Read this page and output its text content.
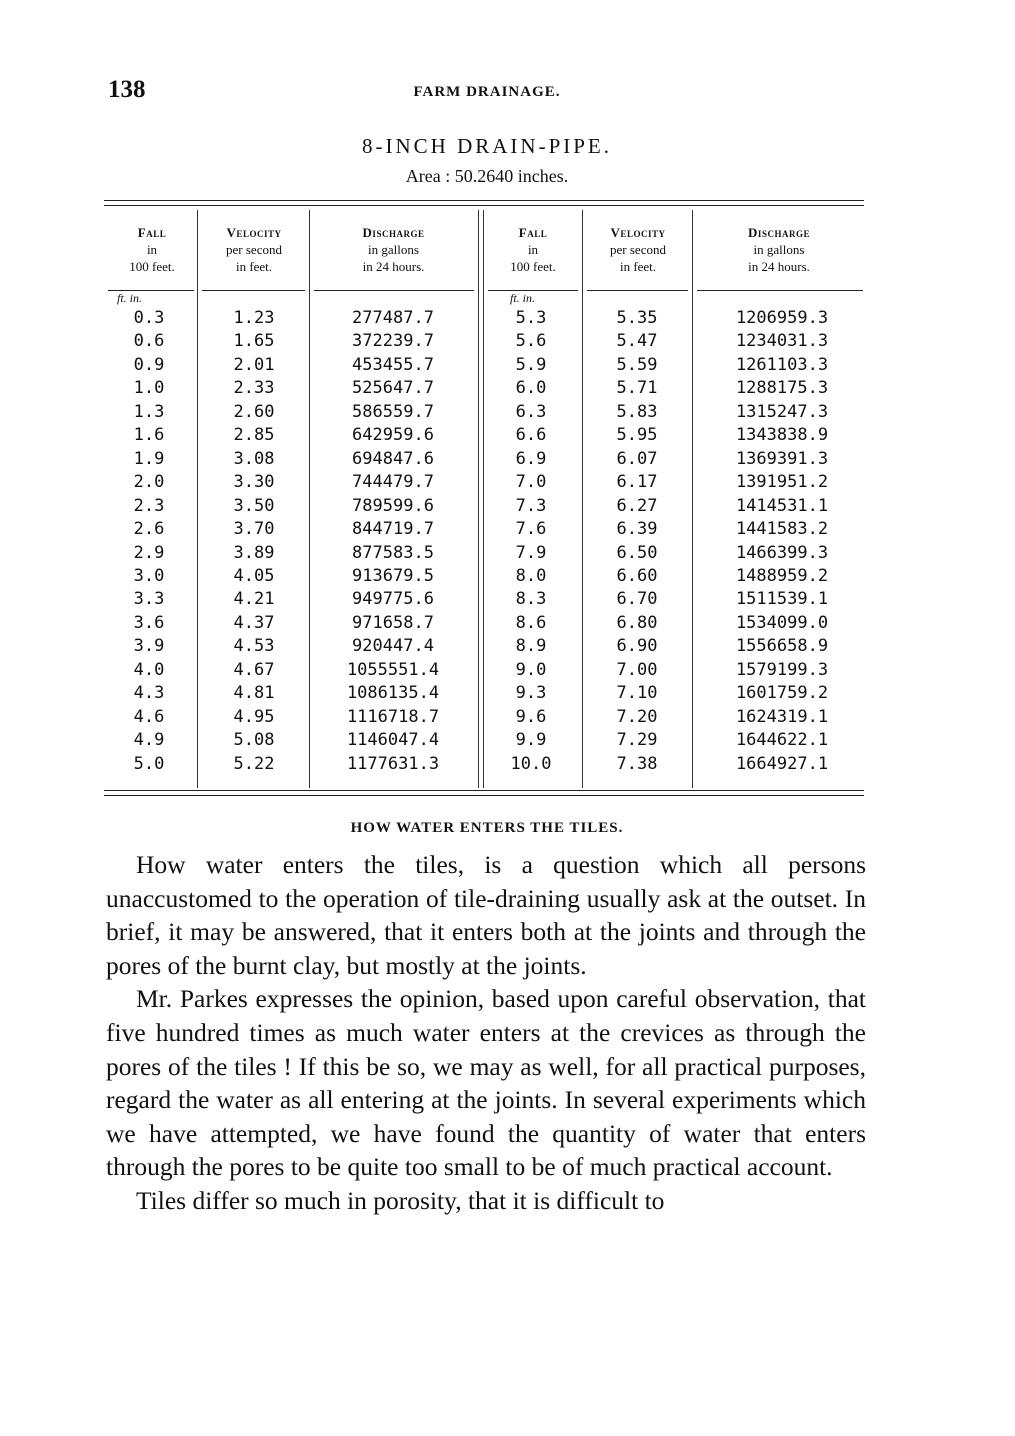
138	FARM DRAINAGE.
8-INCH DRAIN-PIPE.
Area : 50.2640 inches.
Fall
in
100 feet.
Velocity
per second
in feet.
Discharge
in gallons
in 24 hours.
Fall
in
100 feet.
Velocity
per second
in feet.
Discharge
in gallons
in 24 hours.
ft. in.	ft. in.
0.3
0.6
0.9
1.0
1.3
1.6
1.9
2.0
2.3
2.6
2.9
3.0
3.3
3.6
3.9
4.0
4.3
4.6
4.9
5.0
1.23
1.65
2.01
2.33
2.60
2.85
3.08
3.30
3.50
3.70
3.89
4.05
4.21
4.37
4.53
4.67
4.81
4.95
5.08
5.22
277487.7
372239.7
453455.7
525647.7
586559.7
642959.6
694847.6
744479.7
789599.6
844719.7
877583.5
913679.5
949775.6
971658.7
920447.4
1055551.4
1086135.4
1116718.7
1146047.4
1177631.3
5.3
5.6
5.9
6.0
6.3
6.6
6.9
7.0
7.3
7.6
7.9
8.0
8.3
8.6
8.9
9.0
9.3
9.6
9.9
10.0
5.35
5.47
5.59
5.71
5.83
5.95
6.07
6.17
6.27
6.39
6.50
6.60
6.70
6.80
6.90
7.00
7.10
7.20
7.29
7.38
1206959.3
1234031.3
1261103.3
1288175.3
1315247.3
1343838.9
1369391.3
1391951.2
1414531.1
1441583.2
1466399.3
1488959.2
1511539.1
1534099.0
1556658.9
1579199.3
1601759.2
1624319.1
1644622.1
1664927.1
HOW WATER ENTERS THE TILES.

How water enters the tiles, is a question which all persons unaccustomed to the operation of tile-draining usually ask at the outset. In brief, it may be answered, that it enters both at the joints and through the pores of the burnt clay, but mostly at the joints.

Mr. Parkes expresses the opinion, based upon careful observation, that five hundred times as much water enters at the crevices as through the pores of the tiles ! If this be so, we may as well, for all practical purposes, regard the water as all entering at the joints. In several experiments which we have attempted, we have found the quantity of water that enters through the pores to be quite too small to be of much practical account.

Tiles differ so much in porosity, that it is difficult to
